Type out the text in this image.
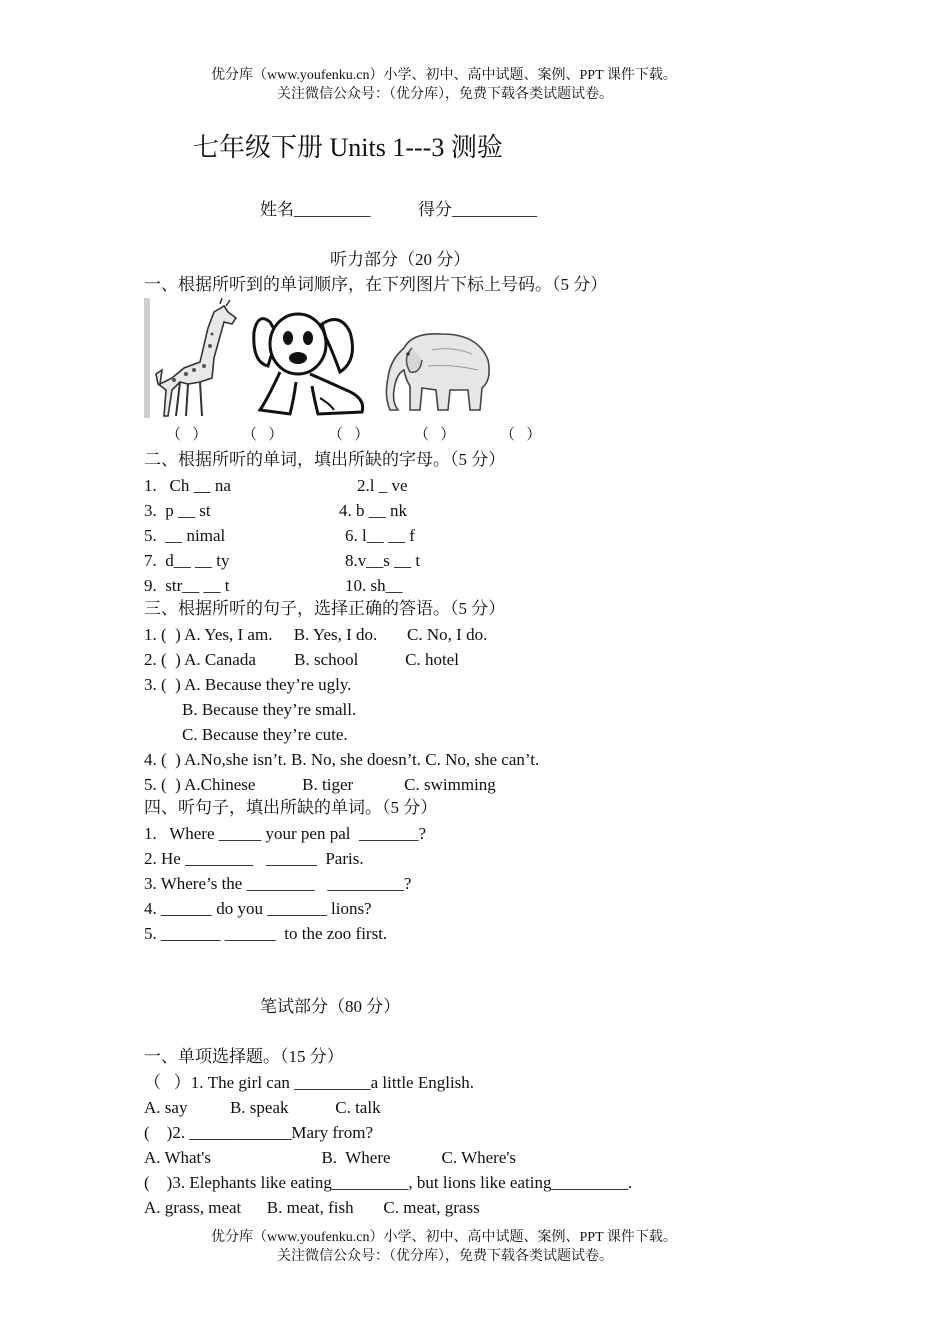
优分库（www.youfenku.cn）小学、初中、高中试题、案例、PPT 课件下载。
关注微信公众号：（优分库），免费下载各类试题试卷。
七年级下册 Units 1---3 测验
姓名_________	得分__________
听力部分（20 分）
一、根据所听到的单词顺序，在下列图片下标上号码。（5 分）
（   ） （   ）	（   ）	（   ）	（   ）
二、根据所听的单词，填出所缺的字母。（5 分）
1.   Ch __ na	2.l _ ve
3.  p __ st	4. b __ nk
5.  __ nimal	6. l__ __ f
7.  d__ __ ty	8.v__s __ t
9.  str__ __ t	10. sh__
三、根据所听的句子，选择正确的答语。（5 分）
1. (  ) A. Yes, I am.     B. Yes, I do.       C. No, I do.
2. (  ) A. Canada         B. school           C. hotel
3. (  ) A. Because they’re ugly.
B. Because they’re small.
C. Because they’re cute.
4. (  ) A.No,she isn’t. B. No, she doesn’t. C. No, she can’t.
5. (  ) A.Chinese           B. tiger            C. swimming
四、听句子，填出所缺的单词。（5 分）
1.   Where _____ your pen pal  _______?
2. He ________   ______  Paris.
3. Where’s the ________   _________?
4. ______ do you _______ lions?
5. _______ ______  to the zoo first.
笔试部分（80 分）
一、单项选择题。（15 分）
（   ）1. The girl can _________a little English.
A. say          B. speak           C. talk
(    )2. ____________Mary from?
A. What's                          B.  Where            C. Where's
(    )3. Elephants like eating_________, but lions like eating_________.
A. grass, meat      B. meat, fish       C. meat, grass
优分库（www.youfenku.cn）小学、初中、高中试题、案例、PPT 课件下载。
关注微信公众号：（优分库），免费下载各类试题试卷。
